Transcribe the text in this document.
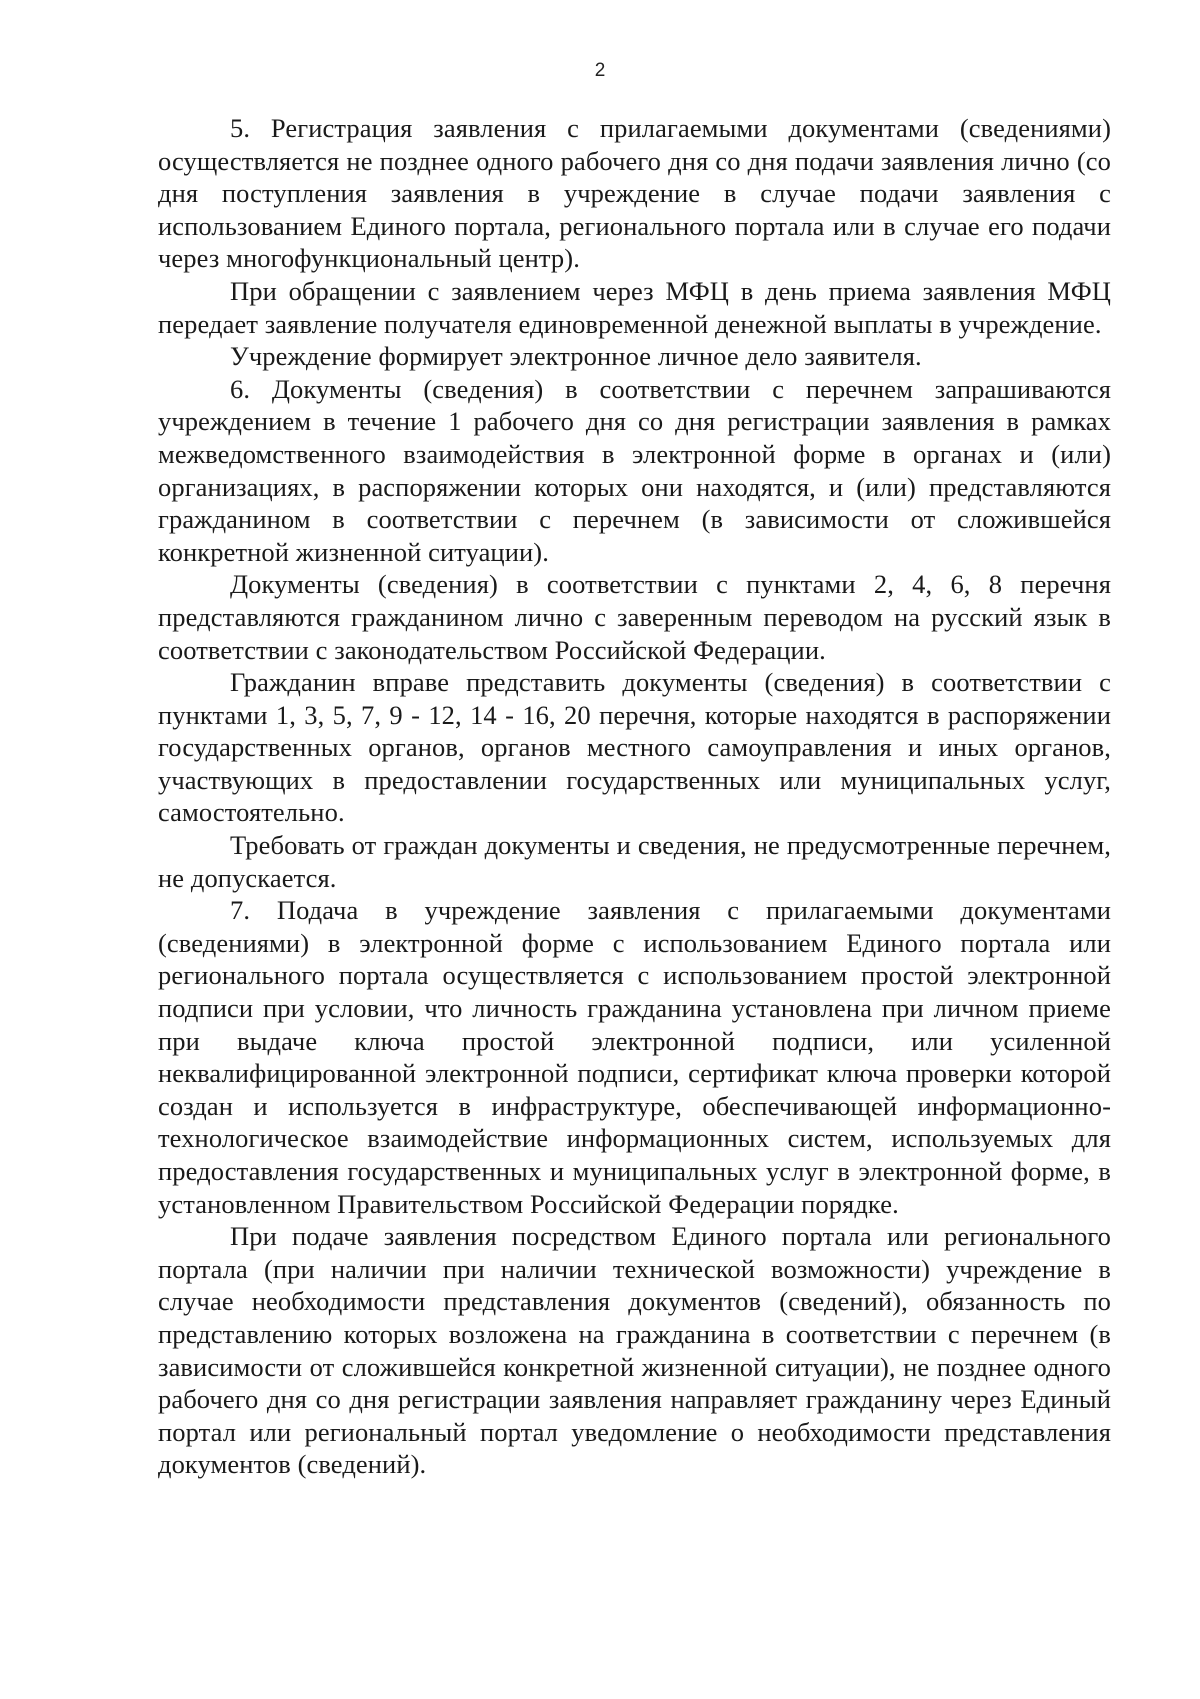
2

5. Регистрация заявления с прилагаемыми документами (сведениями) осуществляется не позднее одного рабочего дня со дня подачи заявления лично (со дня поступления заявления в учреждение в случае подачи заявления с использованием Единого портала, регионального портала или в случае его подачи через многофункциональный центр).

При обращении с заявлением через МФЦ в день приема заявления МФЦ передает заявление получателя единовременной денежной выплаты в учреждение.

Учреждение формирует электронное личное дело заявителя.

6. Документы (сведения) в соответствии с перечнем запрашиваются учреждением в течение 1 рабочего дня со дня регистрации заявления в рамках межведомственного взаимодействия в электронной форме в органах и (или) организациях, в распоряжении которых они находятся, и (или) представляются гражданином в соответствии с перечнем (в зависимости от сложившейся конкретной жизненной ситуации).

Документы (сведения) в соответствии с пунктами 2, 4, 6, 8 перечня представляются гражданином лично с заверенным переводом на русский язык в соответствии с законодательством Российской Федерации.

Гражданин вправе представить документы (сведения) в соответствии с пунктами 1, 3, 5, 7, 9 - 12, 14 - 16, 20 перечня, которые находятся в распоряжении государственных органов, органов местного самоуправления и иных органов, участвующих в предоставлении государственных или муниципальных услуг, самостоятельно.

Требовать от граждан документы и сведения, не предусмотренные перечнем, не допускается.

7. Подача в учреждение заявления с прилагаемыми документами (сведениями) в электронной форме с использованием Единого портала или регионального портала осуществляется с использованием простой электронной подписи при условии, что личность гражданина установлена при личном приеме при выдаче ключа простой электронной подписи, или усиленной неквалифицированной электронной подписи, сертификат ключа проверки которой создан и используется в инфраструктуре, обеспечивающей информационно-технологическое взаимодействие информационных систем, используемых для предоставления государственных и муниципальных услуг в электронной форме, в установленном Правительством Российской Федерации порядке.

При подаче заявления посредством Единого портала или регионального портала (при наличии при наличии технической возможности) учреждение в случае необходимости представления документов (сведений), обязанность по представлению которых возложена на гражданина в соответствии с перечнем (в зависимости от сложившейся конкретной жизненной ситуации), не позднее одного рабочего дня со дня регистрации заявления направляет гражданину через Единый портал или региональный портал уведомление о необходимости представления документов (сведений).
